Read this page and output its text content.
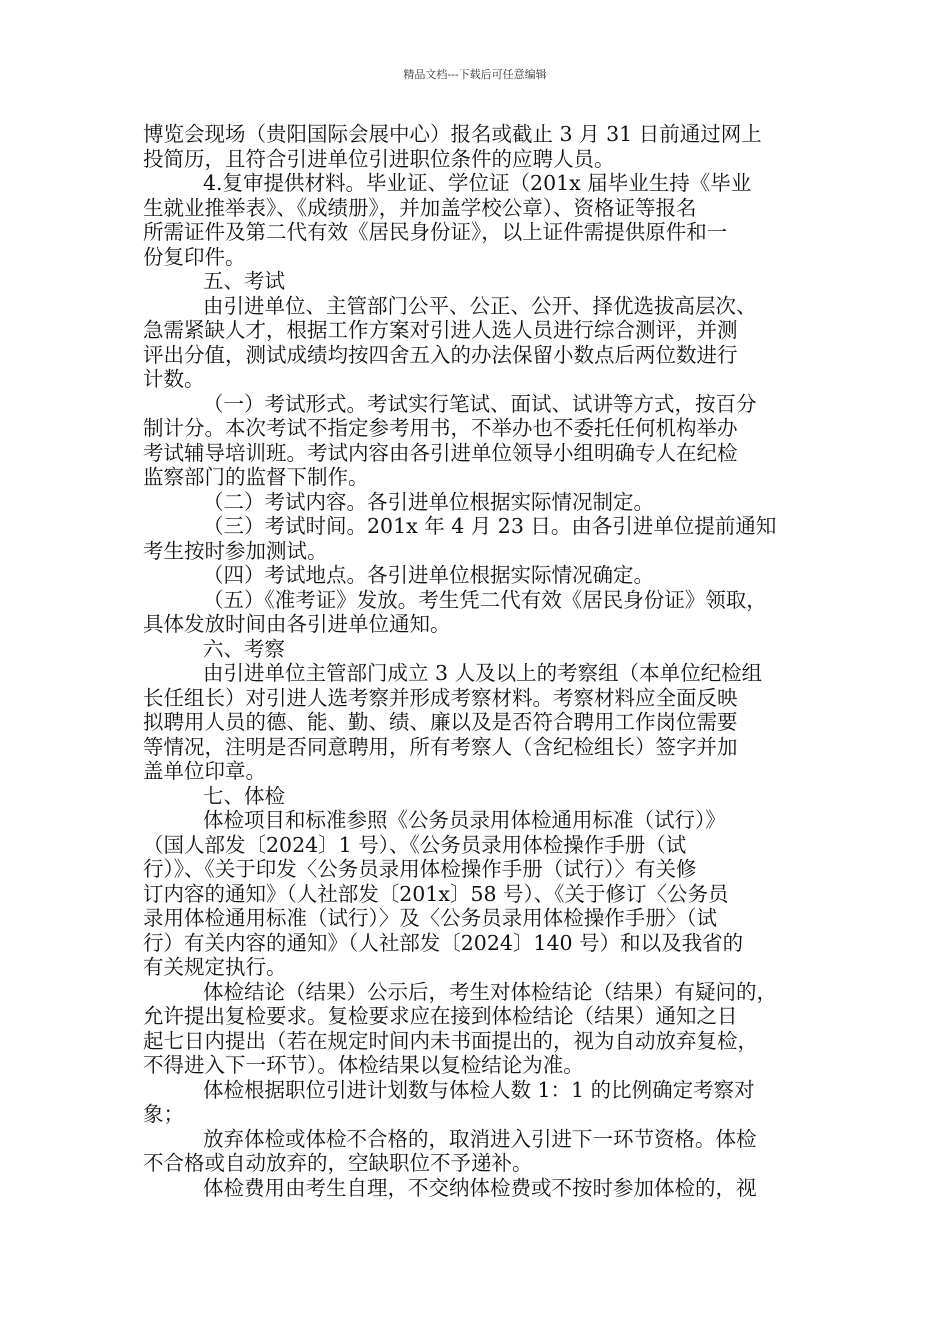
精品文档---下载后可任意编辑
博览会现场（贵阳国际会展中心）报名或截止 3 月 31 日前通过网上
投简历，且符合引进单位引进职位条件的应聘人员。
4.复审提供材料。毕业证、学位证（201x 届毕业生持《毕业
生就业推举表》、《成绩册》，并加盖学校公章）、资格证等报名
所需证件及第二代有效《居民身份证》，以上证件需提供原件和一
份复印件。
五、考试
由引进单位、主管部门公平、公正、公开、择优选拔高层次、
急需紧缺人才，根据工作方案对引进人选人员进行综合测评，并测
评出分值，测试成绩均按四舍五入的办法保留小数点后两位数进行
计数。
（一）考试形式。考试实行笔试、面试、试讲等方式，按百分
制计分。本次考试不指定参考用书，不举办也不委托任何机构举办
考试辅导培训班。考试内容由各引进单位领导小组明确专人在纪检
监察部门的监督下制作。
（二）考试内容。各引进单位根据实际情况制定。
（三）考试时间。201x 年 4 月 23 日。由各引进单位提前通知
考生按时参加测试。
（四）考试地点。各引进单位根据实际情况确定。
（五）《准考证》发放。考生凭二代有效《居民身份证》领取，
具体发放时间由各引进单位通知。
六、考察
由引进单位主管部门成立 3 人及以上的考察组（本单位纪检组
长任组长）对引进人选考察并形成考察材料。考察材料应全面反映
拟聘用人员的德、能、勤、绩、廉以及是否符合聘用工作岗位需要
等情况，注明是否同意聘用，所有考察人（含纪检组长）签字并加
盖单位印章。
七、体检
体检项目和标准参照《公务员录用体检通用标准（试行）》
（国人部发〔2024〕1 号）、《公务员录用体检操作手册（试
行）》、《关于印发〈公务员录用体检操作手册（试行）〉有关修
订内容的通知》（人社部发〔201x〕58 号）、《关于修订〈公务员
录用体检通用标准（试行）〉及〈公务员录用体检操作手册〉（试
行）有关内容的通知》（人社部发〔2024〕140 号）和以及我省的
有关规定执行。
体检结论（结果）公示后，考生对体检结论（结果）有疑问的，
允许提出复检要求。复检要求应在接到体检结论（结果）通知之日
起七日内提出（若在规定时间内未书面提出的，视为自动放弃复检，
不得进入下一环节）。体检结果以复检结论为准。
体检根据职位引进计划数与体检人数 1：1 的比例确定考察对
象；
放弃体检或体检不合格的，取消进入引进下一环节资格。体检
不合格或自动放弃的，空缺职位不予递补。
体检费用由考生自理，不交纳体检费或不按时参加体检的，视
